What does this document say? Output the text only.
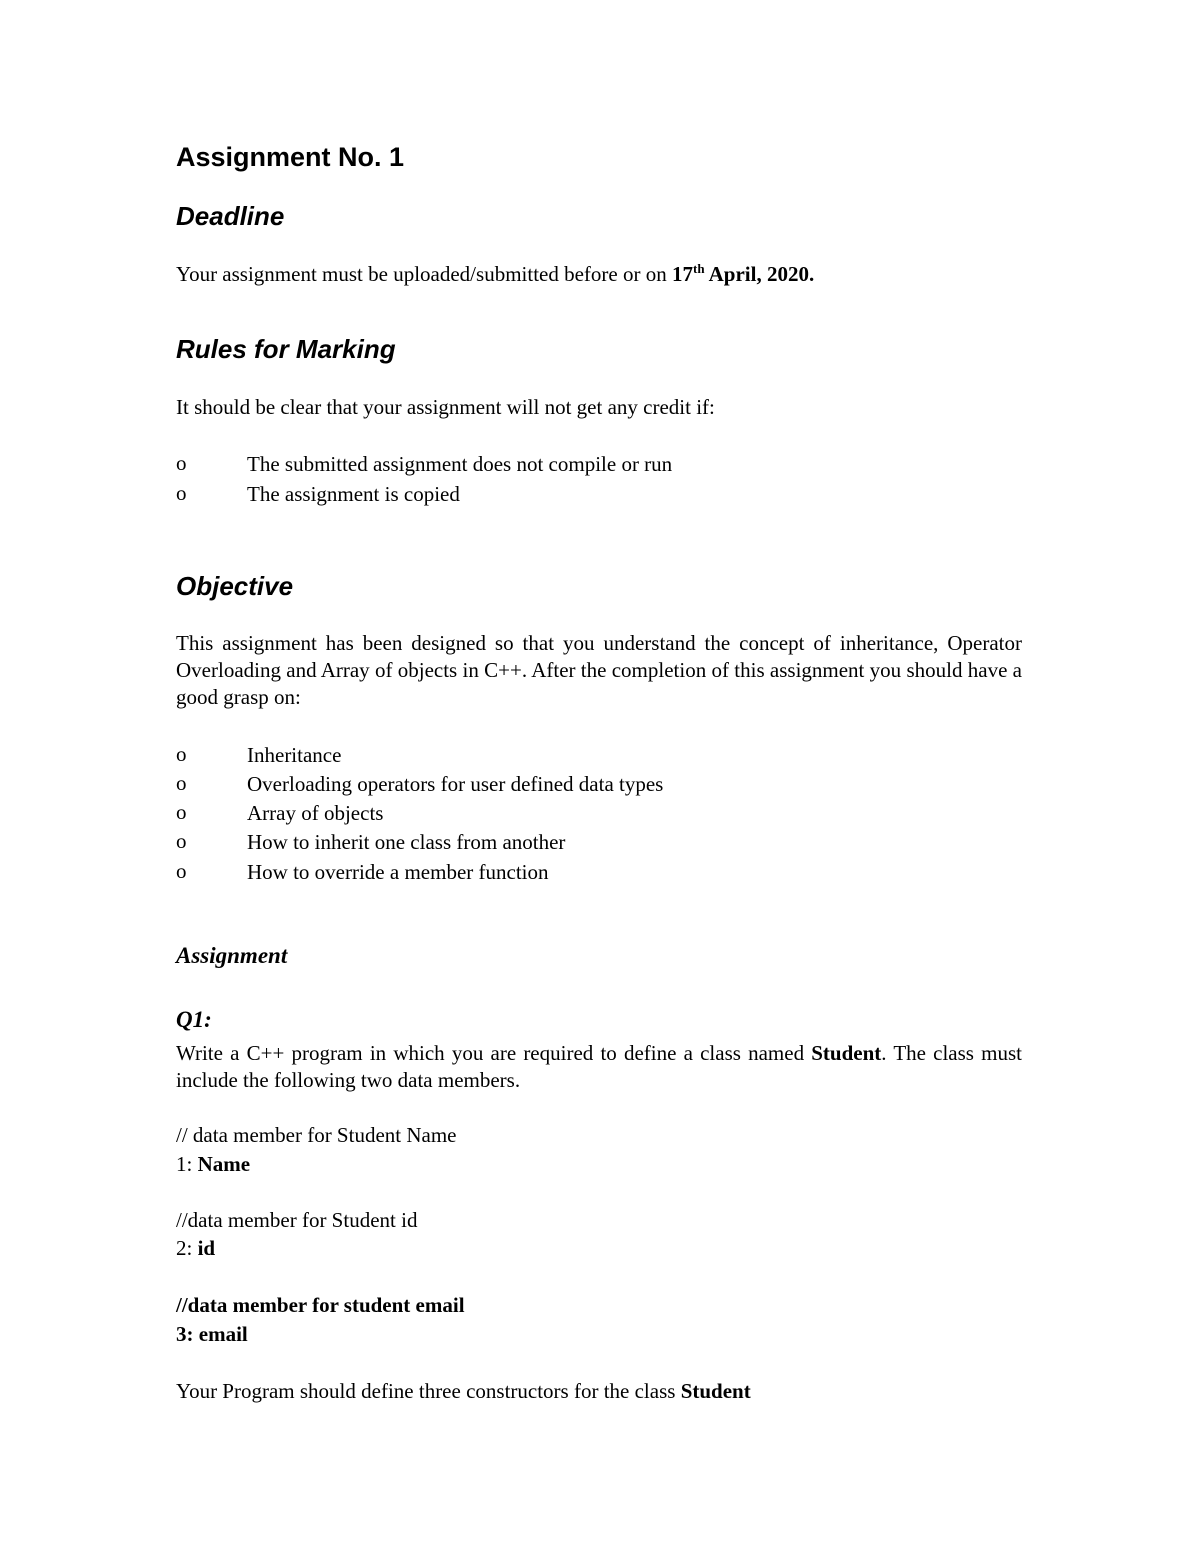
Assignment No. 1
Deadline
Your assignment must be uploaded/submitted before or on 17th April, 2020.
Rules for Marking
It should be clear that your assignment will not get any credit if:
o	The submitted assignment does not compile or run
o	The assignment is copied
Objective
This assignment has been designed so that you understand the concept of inheritance, Operator Overloading and Array of objects in C++. After the completion of this assignment you should have a good grasp on:
o	Inheritance
o	Overloading operators for user defined data types
o	Array of objects
o	How to inherit one class from another
o	How to override a member function
Assignment
Q1:
Write a C++ program in which you are required to define a class named Student. The class must include the following two data members.
// data member for Student Name
1: Name
//data member for Student id
2: id
//data member for student email
3: email
Your Program should define three constructors for the class Student
